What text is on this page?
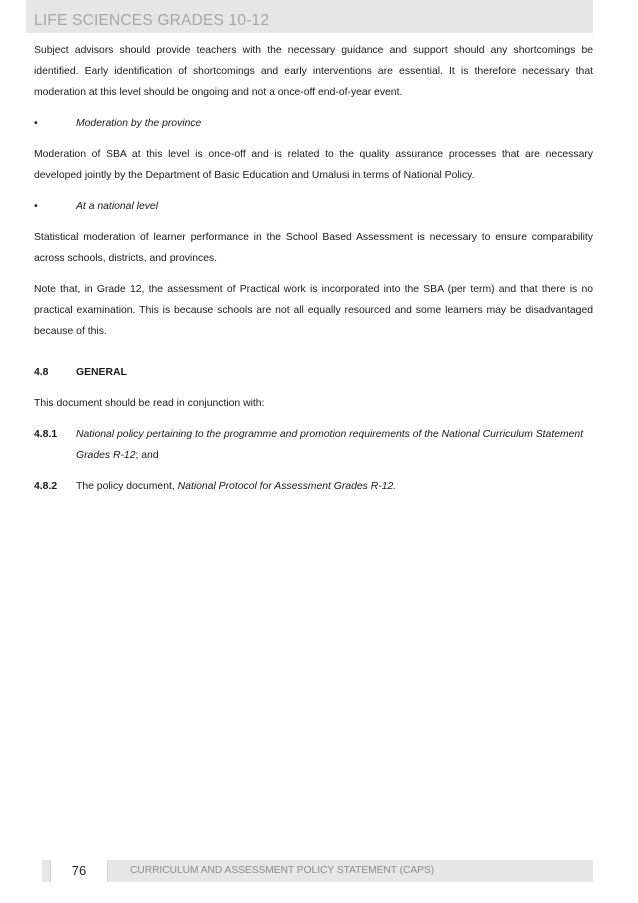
LIFE SCIENCES GRADES 10-12

Subject advisors should provide teachers with the necessary guidance and support should any shortcomings be identified. Early identification of shortcomings and early interventions are essential. It is therefore necessary that moderation at this level should be ongoing and not a once-off end-of-year event.

•	Moderation by the province

Moderation of SBA at this level is once-off and is related to the quality assurance processes that are necessary developed jointly by the Department of Basic Education and Umalusi in terms of National Policy.

•	At a national level

Statistical moderation of learner performance in the School Based Assessment is necessary to ensure comparability across schools, districts, and provinces.

Note that, in Grade 12, the assessment of Practical work is incorporated into the SBA (per term) and that there is no practical examination. This is because schools are not all equally resourced and some learners may be disadvantaged because of this.

4.8	GENERAL

This document should be read in conjunction with:

4.8.1	National policy pertaining to the programme and promotion requirements of the National Curriculum Statement Grades R-12; and
4.8.2	The policy document, National Protocol for Assessment Grades R-12.
76	CURRICULUM AND ASSESSMENT POLICY STATEMENT (CAPS)
